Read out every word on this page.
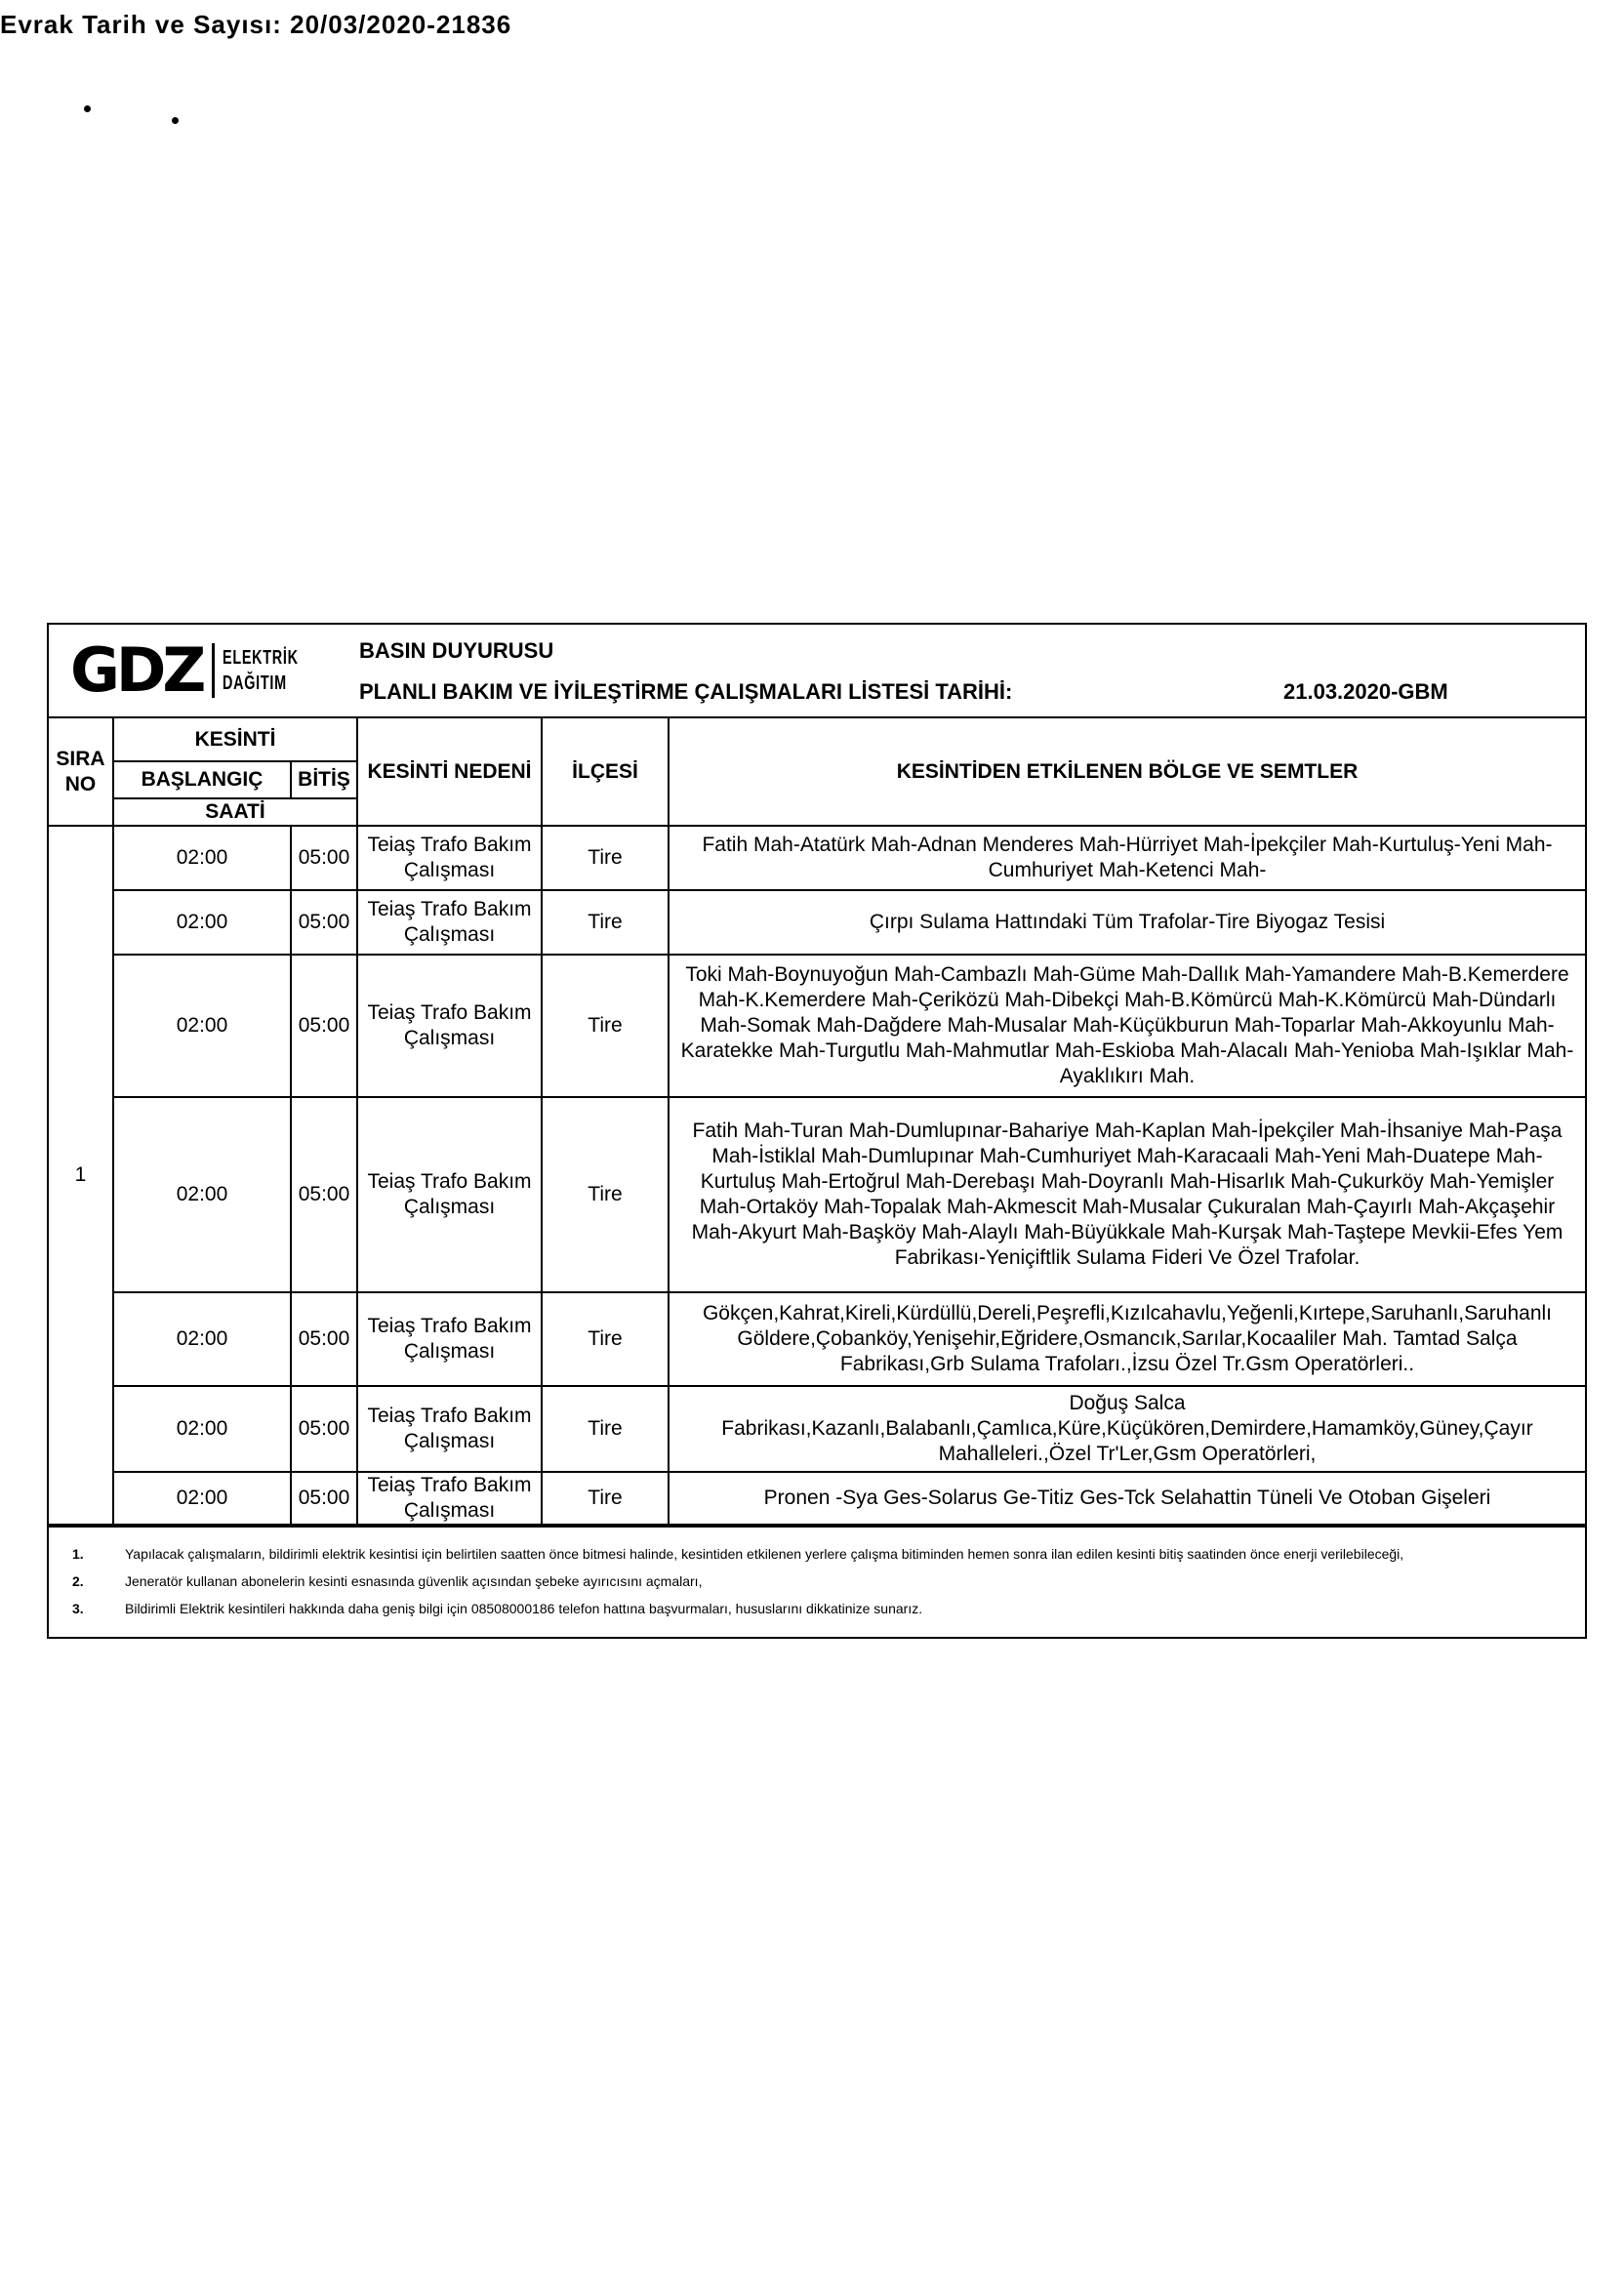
Evrak Tarih ve Sayısı: 20/03/2020-21836
GDZ ELEKTRİK
DAĞITIM
BASIN DUYURUSU
PLANLI BAKIM VE İYİLEŞTİRME ÇALIŞMALARI LİSTESİ TARİHİ:	21.03.2020-GBM
SIRA NO	KESİNTİ		KESİNTİ NEDENİ	İLÇESİ	KESİNTİDEN ETKİLENEN BÖLGE VE SEMTLER
	BAŞLANGIÇ	BİTİŞ			
	SAATİ				
1	02:00	05:00	Teiaş Trafo Bakım Çalışması	Tire	Fatih Mah-Atatürk Mah-Adnan Menderes Mah-Hürriyet Mah-İpekçiler Mah-Kurtuluş-Yeni Mah-Cumhuriyet Mah-Ketenci Mah-
	02:00	05:00	Teiaş Trafo Bakım Çalışması	Tire	Çırpı Sulama Hattındaki Tüm Trafolar-Tire Biyogaz Tesisi
	02:00	05:00	Teiaş Trafo Bakım Çalışması	Tire	Toki Mah-Boynuyoğun Mah-Cambazlı Mah-Güme Mah-Dallık Mah-Yamandere Mah-B.Kemerdere Mah-K.Kemerdere Mah-Çeriközü Mah-Dibekçi Mah-B.Kömürcü Mah-K.Kömürcü Mah-Dündarlı Mah-Somak Mah-Dağdere Mah-Musalar Mah-Küçükburun Mah-Toparlar Mah-Akkoyunlu Mah-Karatekke Mah-Turgutlu Mah-Mahmutlar Mah-Eskioba Mah-Alacalı Mah-Yenioba Mah-Işıklar Mah-Ayaklıkırı Mah.
	02:00	05:00	Teiaş Trafo Bakım Çalışması	Tire	Fatih Mah-Turan Mah-Dumlupınar-Bahariye Mah-Kaplan Mah-İpekçiler Mah-İhsaniye Mah-Paşa Mah-İstiklal Mah-Dumlupınar Mah-Cumhuriyet Mah-Karacaali Mah-Yeni Mah-Duatepe Mah-Kurtuluş Mah-Ertoğrul Mah-Derebaşı Mah-Doyranlı Mah-Hisarlık Mah-Çukurköy Mah-Yemişler Mah-Ortaköy Mah-Topalak Mah-Akmescit Mah-Musalar Çukuralan Mah-Çayırlı Mah-Akçaşehir Mah-Akyurt Mah-Başköy Mah-Alaylı Mah-Büyükkale Mah-Kurşak Mah-Taştepe Mevkii-Efes Yem Fabrikası-Yeniçiftlik Sulama Fideri Ve Özel Trafolar.
	02:00	05:00	Teiaş Trafo Bakım Çalışması	Tire	Gökçen,Kahrat,Kireli,Kürdüllü,Dereli,Peşrefli,Kızılcahavlu,Yeğenli,Kırtepe,Saruhanlı,Saruhanlı Göldere,Çobanköy,Yenişehir,Eğridere,Osmancık,Sarılar,Kocaaliler Mah. Tamtad Salça Fabrikası,Grb Sulama Trafoları.,İzsu Özel Tr.Gsm Operatörleri..
	02:00	05:00	Teiaş Trafo Bakım Çalışması	Tire	Doğuş Salca Fabrikası,Kazanlı,Balabanlı,Çamlıca,Küre,Küçükören,Demirdere,Hamamköy,Güney,Çayır Mahalleleri.,Özel Tr'Ler,Gsm Operatörleri,
	02:00	05:00	Teiaş Trafo Bakım Çalışması	Tire	Pronen -Sya Ges-Solarus Ge-Titiz Ges-Tck Selahattin Tüneli Ve Otoban Gişeleri
1.	Yapılacak çalışmaların, bildirimli elektrik kesintisi için belirtilen saatten önce bitmesi halinde, kesintiden etkilenen yerlere çalışma bitiminden hemen sonra ilan edilen kesinti bitiş saatinden önce enerji verilebileceği,
2.	Jeneratör kullanan abonelerin kesinti esnasında güvenlik açısından şebeke ayırıcısını açmaları,
3.	Bildirimli Elektrik kesintileri hakkında daha geniş bilgi için 08508000186 telefon hattına başvurmaları, hususlarını dikkatinize sunarız.
